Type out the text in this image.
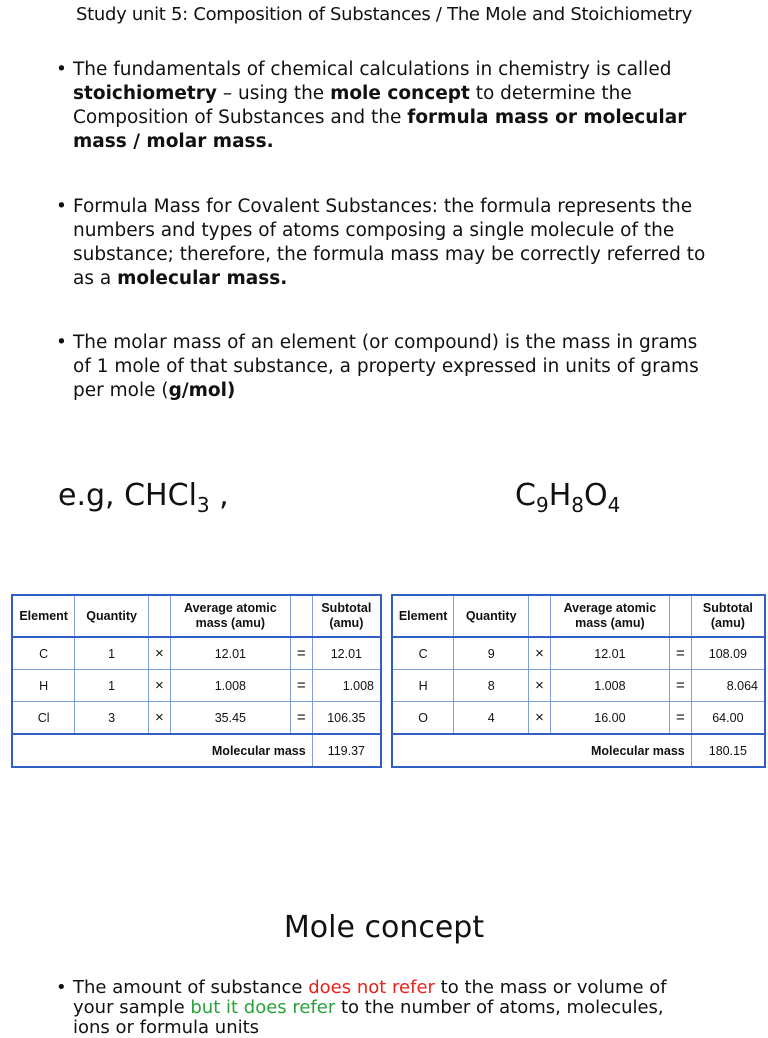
Study unit 5: Composition of Substances / The Mole and Stoichiometry
• The fundamentals of chemical calculations in chemistry is called stoichiometry – using the mole concept to determine the Composition of Substances and the formula mass or molecular mass / molar mass.
• Formula Mass for Covalent Substances: the formula represents the numbers and types of atoms composing a single molecule of the substance; therefore, the formula mass may be correctly referred to as a molecular mass.
• The molar mass of an element (or compound) is the mass in grams of 1 mole of that substance, a property expressed in units of grams per mole (g/mol)
e.g, CHCl$_3$ ,	$C_9H_8O_4$
Element	Quantity		Average atomic mass (amu)		Subtotal (amu)
C	1	×	12.01	=	12.01
H	1	×	1.008	=	1.008
Cl	3	×	35.45	=	106.35
Molecular mass					119.37
Element	Quantity		Average atomic mass (amu)		Subtotal (amu)
C	9	×	12.01	=	108.09
H	8	×	1.008	=	8.064
O	4	×	16.00	=	64.00
Molecular mass					180.15
Mole concept
• The amount of substance does not refer to the mass or volume of your sample but it does refer to the number of atoms, molecules, ions or formula units
